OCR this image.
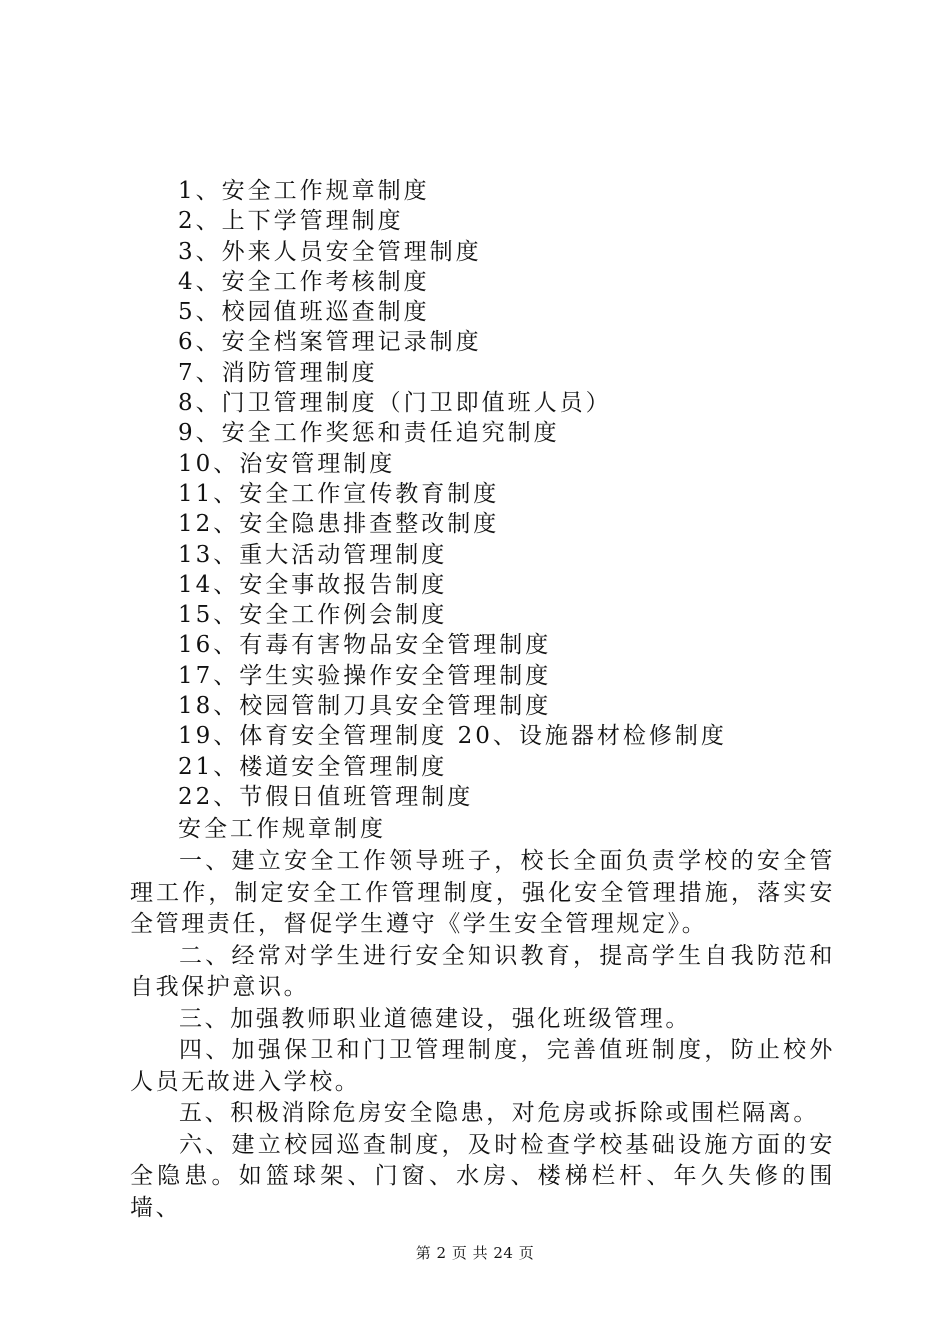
1、安全工作规章制度
2、上下学管理制度
3、外来人员安全管理制度
4、安全工作考核制度
5、校园值班巡查制度
6、安全档案管理记录制度
7、消防管理制度
8、门卫管理制度（门卫即值班人员）
9、安全工作奖惩和责任追究制度
10、治安管理制度
11、安全工作宣传教育制度
12、安全隐患排查整改制度
13、重大活动管理制度
14、安全事故报告制度
15、安全工作例会制度
16、有毒有害物品安全管理制度
17、学生实验操作安全管理制度
18、校园管制刀具安全管理制度
19、体育安全管理制度 20、设施器材检修制度
21、楼道安全管理制度
22、节假日值班管理制度
安全工作规章制度

一、建立安全工作领导班子，校长全面负责学校的安全管理工作，制定安全工作管理制度，强化安全管理措施，落实安全管理责任，督促学生遵守《学生安全管理规定》。

二、经常对学生进行安全知识教育，提高学生自我防范和自我保护意识。

三、加强教师职业道德建设，强化班级管理。

四、加强保卫和门卫管理制度，完善值班制度，防止校外人员无故进入学校。

五、积极消除危房安全隐患，对危房或拆除或围栏隔离。

六、建立校园巡查制度，及时检查学校基础设施方面的安全隐患。如篮球架、门窗、水房、楼梯栏杆、年久失修的围墙、

第 2 页 共 24 页
